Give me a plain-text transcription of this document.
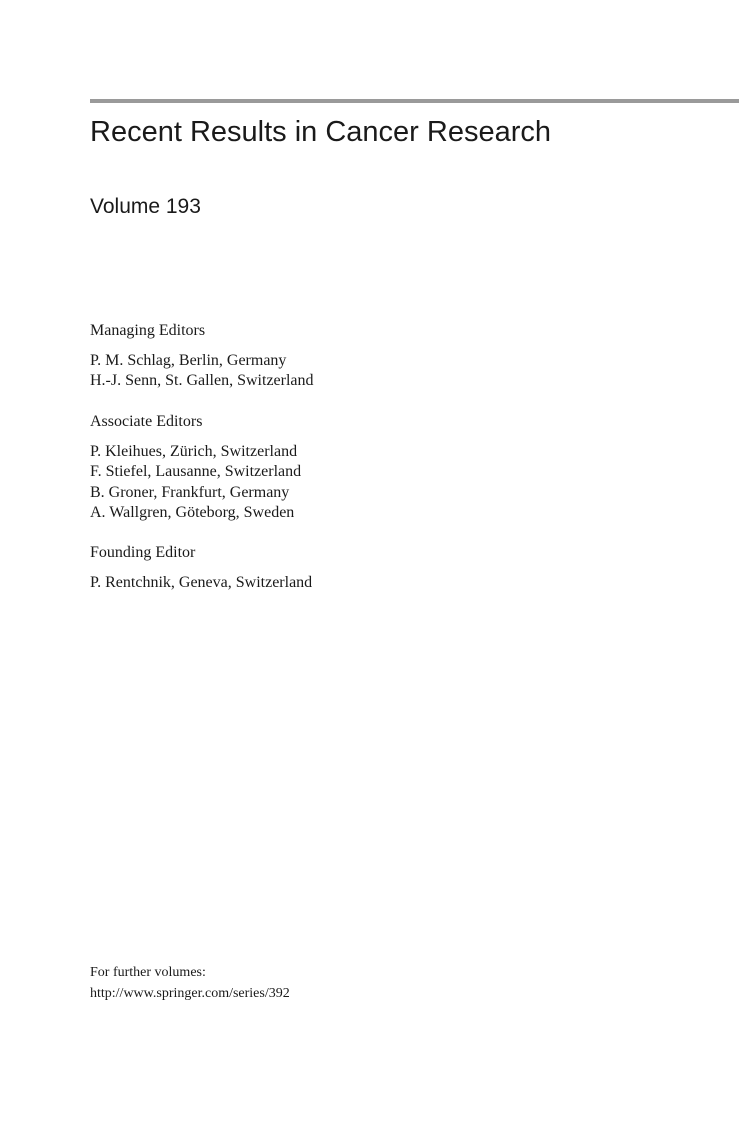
Recent Results in Cancer Research
Volume 193

Managing Editors

P. M. Schlag, Berlin, Germany

H.-J. Senn, St. Gallen, Switzerland

Associate Editors

P. Kleihues, Zürich, Switzerland

F. Stiefel, Lausanne, Switzerland

B. Groner, Frankfurt, Germany

A. Wallgren, Göteborg, Sweden

Founding Editor

P. Rentchnik, Geneva, Switzerland

For further volumes:
http://www.springer.com/series/392
